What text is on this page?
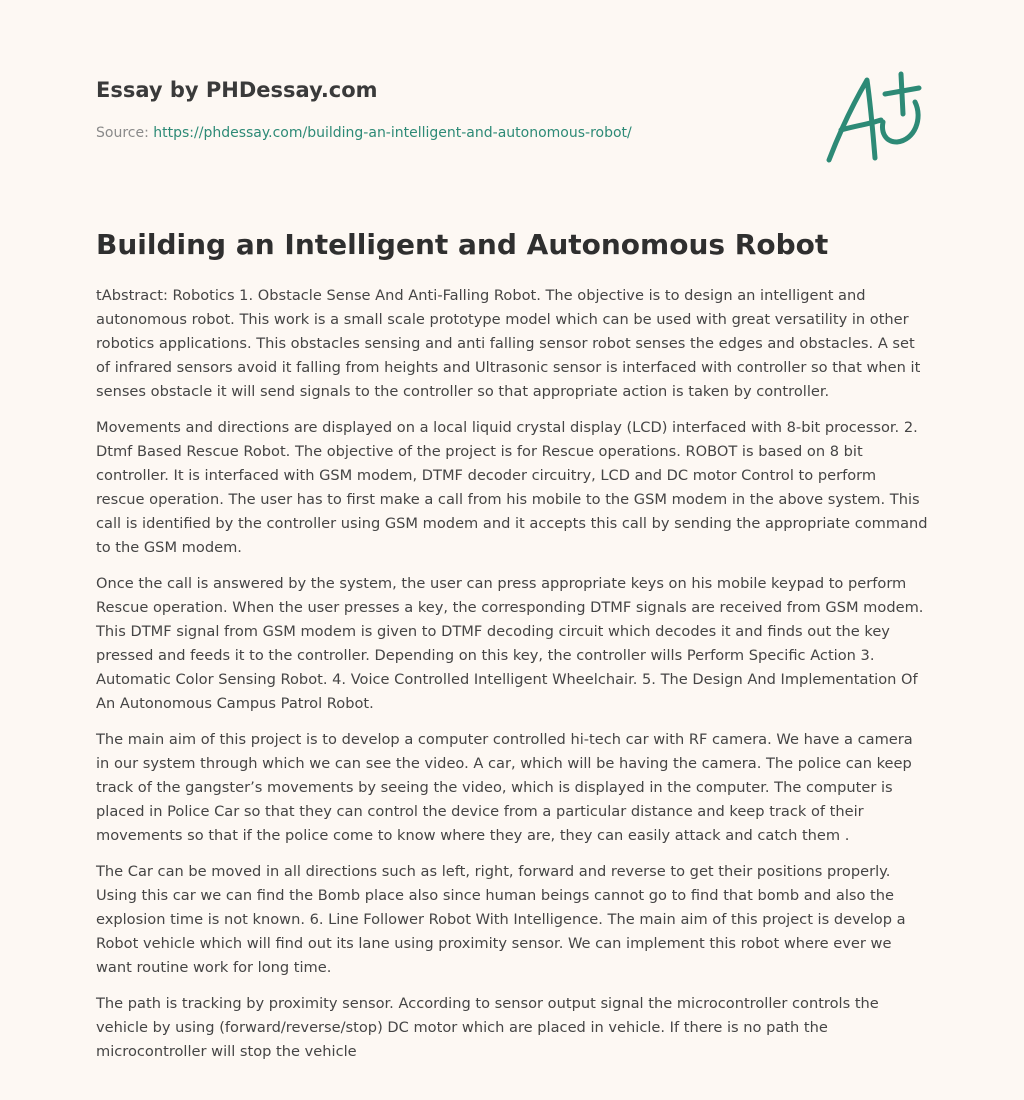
Essay by PHDessay.com
Source: https://phdessay.com/building-an-intelligent-and-autonomous-robot/
Building an Intelligent and Autonomous Robot

tAbstract: Robotics 1. Obstacle Sense And Anti-Falling Robot. The objective is to design an intelligent and autonomous robot. This work is a small scale prototype model which can be used with great versatility in other robotics applications. This obstacles sensing and anti falling sensor robot senses the edges and obstacles. A set of infrared sensors avoid it falling from heights and Ultrasonic sensor is interfaced with controller so that when it senses obstacle it will send signals to the controller so that appropriate action is taken by controller.

Movements and directions are displayed on a local liquid crystal display (LCD) interfaced with 8-bit processor. 2. Dtmf Based Rescue Robot. The objective of the project is for Rescue operations. ROBOT is based on 8 bit controller. It is interfaced with GSM modem, DTMF decoder circuitry, LCD and DC motor Control to perform rescue operation. The user has to first make a call from his mobile to the GSM modem in the above system. This call is identified by the controller using GSM modem and it accepts this call by sending the appropriate command to the GSM modem.

Once the call is answered by the system, the user can press appropriate keys on his mobile keypad to perform Rescue operation. When the user presses a key, the corresponding DTMF signals are received from GSM modem. This DTMF signal from GSM modem is given to DTMF decoding circuit which decodes it and finds out the key pressed and feeds it to the controller. Depending on this key, the controller wills Perform Specific Action 3. Automatic Color Sensing Robot. 4. Voice Controlled Intelligent Wheelchair. 5. The Design And Implementation Of An Autonomous Campus Patrol Robot.

The main aim of this project is to develop a computer controlled hi-tech car with RF camera. We have a camera in our system through which we can see the video. A car, which will be having the camera. The police can keep track of the gangster’s movements by seeing the video, which is displayed in the computer. The computer is placed in Police Car so that they can control the device from a particular distance and keep track of their movements so that if the police come to know where they are, they can easily attack and catch them .

The Car can be moved in all directions such as left, right, forward and reverse to get their positions properly. Using this car we can find the Bomb place also since human beings cannot go to find that bomb and also the explosion time is not known. 6. Line Follower Robot With Intelligence. The main aim of this project is develop a Robot vehicle which will find out its lane using proximity sensor. We can implement this robot where ever we want routine work for long time.

The path is tracking by proximity sensor. According to sensor output signal the microcontroller controls the vehicle by using (forward/reverse/stop) DC motor which are placed in vehicle. If there is no path the microcontroller will stop the vehicle
